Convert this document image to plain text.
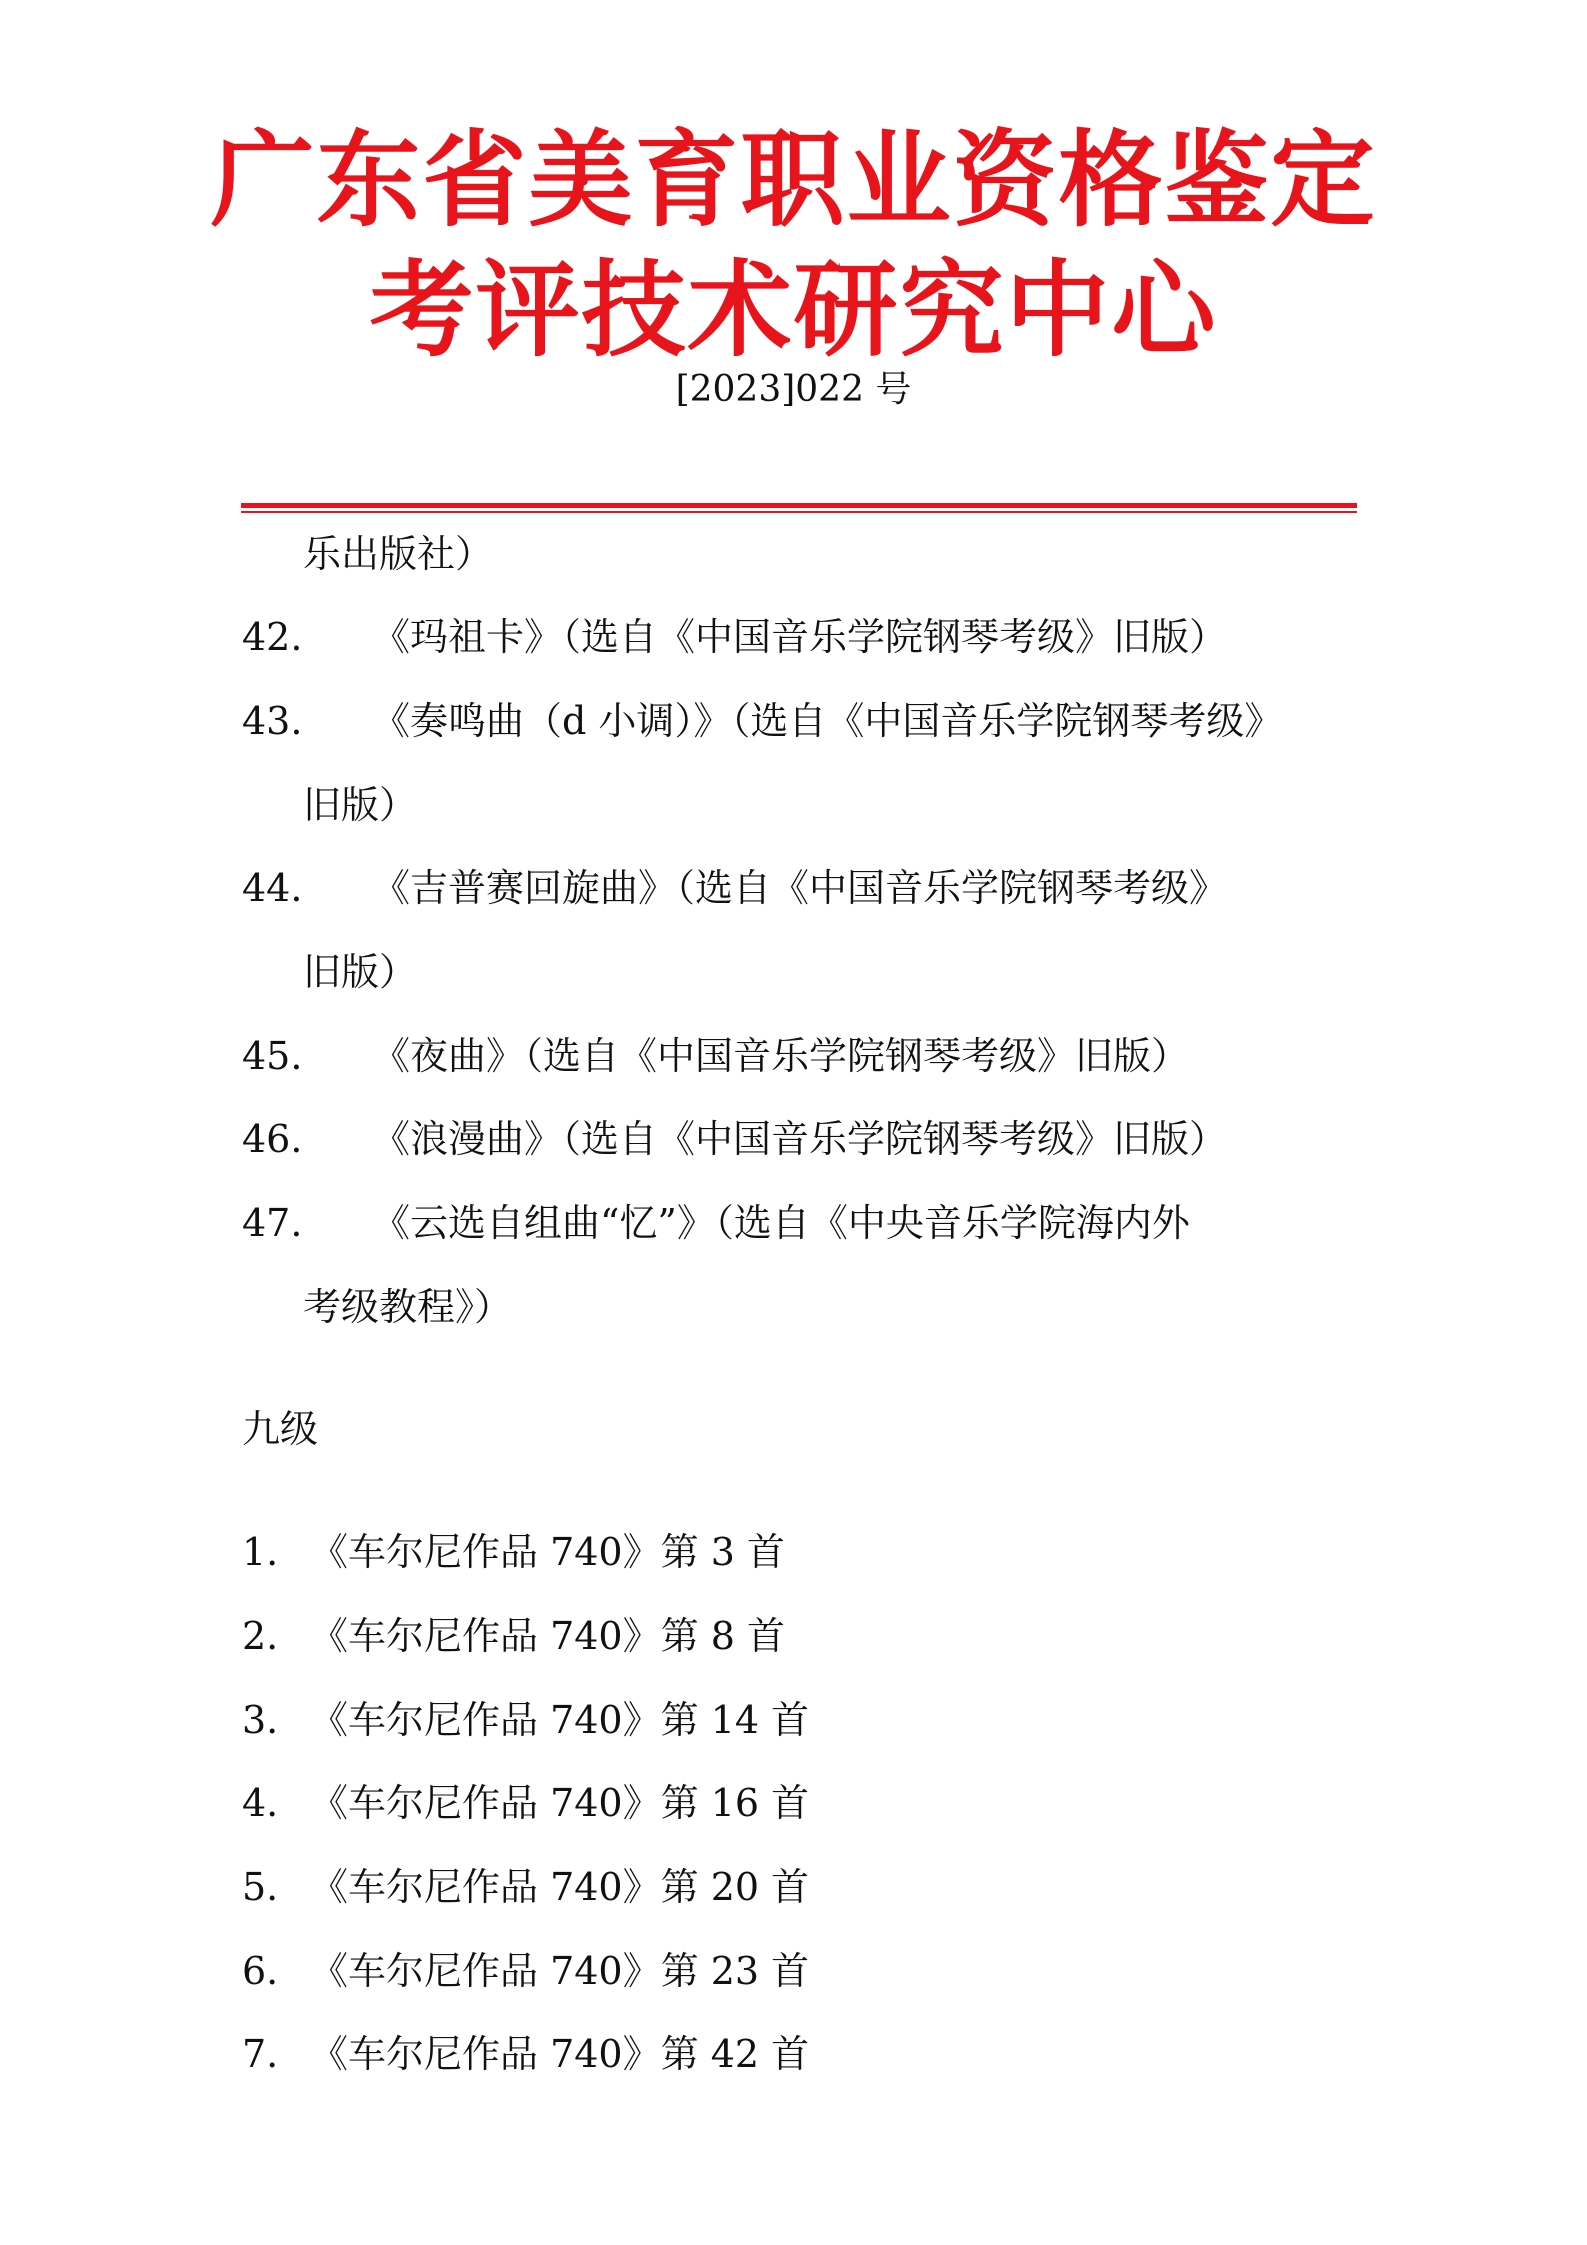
广东省美育职业资格鉴定
考评技术研究中心
[2023]022 号
乐出版社）
42. 《玛祖卡》（选自《中国音乐学院钢琴考级》旧版）
43. 《奏鸣曲（d 小调）》（选自《中国音乐学院钢琴考级》
旧版）
44. 《吉普赛回旋曲》（选自《中国音乐学院钢琴考级》
旧版）
45. 《夜曲》（选自《中国音乐学院钢琴考级》旧版）
46. 《浪漫曲》（选自《中国音乐学院钢琴考级》旧版）
47. 《云选自组曲“忆”》（选自《中央音乐学院海内外
考级教程》）
九级
1. 《车尔尼作品 740》第 3 首
2. 《车尔尼作品 740》第 8 首
3. 《车尔尼作品 740》第 14 首
4. 《车尔尼作品 740》第 16 首
5. 《车尔尼作品 740》第 20 首
6. 《车尔尼作品 740》第 23 首
7. 《车尔尼作品 740》第 42 首
